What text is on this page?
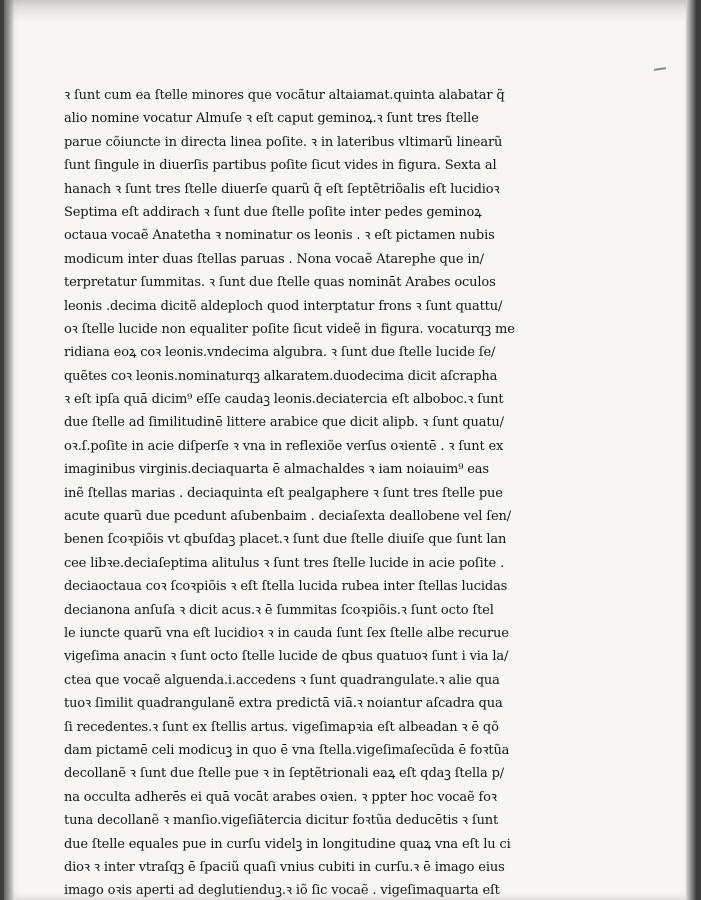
ꝛ ſunt cum ea ſtelle minores que vocãtur altaiamat.quinta alabatar q̃
alio nomine vocatur Almuſe ꝛ eſt caput geminoꝝ.ꝛ ſunt tres ſtelle
parue cõiuncte in directa linea poſite. ꝛ in lateribus vltimarũ linearũ
ſunt ſingule in diuerſis partibus poſite ſicut vides in figura. Sexta al
hanach ꝛ ſunt tres ſtelle diuerſe quarũ q̃ eſt ſeptẽtriõalis eſt lucidioꝛ
Septima eſt addirach ꝛ ſunt due ſtelle poſite inter pedes geminoꝝ
octaua vocaẽ Anatetha ꝛ nominatur os leonis . ꝛ eſt pictamen nubis
modicum inter duas ſtellas paruas . Nona vocaẽ Atarephe que in/
terpretatur ſummitas. ꝛ ſunt due ſtelle quas nomināt Arabes oculos
leonis .decima dicitẽ aldeploch quod interptatur frons ꝛ ſunt quattu/
oꝛ ſtelle lucide non equaliter poſite ſicut videẽ in figura. vocaturqꝫ me
ridiana eoꝝ coꝛ leonis.vndecima algubra. ꝛ ſunt due ſtelle lucide ſe/
quẽtes coꝛ leonis.nominaturqꝫ alkaratem.duodecima dicit aſcrapha
ꝛ eſt ipſa quā dicim⁹ eſſe caudaꝫ leonis.deciatercia eſt alboboc.ꝛ ſunt
due ſtelle ad ſimilitudinē littere arabice que dicit alipb. ꝛ ſunt quatu/
oꝛ.ſ.poſite in acie diſperſe ꝛ vna in reflexiõe verſus oꝛientē . ꝛ ſunt ex
imaginibus virginis.deciaquarta ē almachaldes ꝛ iam noiauim⁹ eas
inẽ ſtellas marias . deciaquinta eſt pealgaphere ꝛ ſunt tres ſtelle pue
acute quarũ due pcedunt aſubenbaim . deciaſexta deallobene vel ſen/
benen ſcoꝛpiõis vt qbuſdaꝫ placet.ꝛ ſunt due ſtelle diuiſe que ſunt lan
cee libꝛe.deciaſeptima alitulus ꝛ ſunt tres ſtelle lucide in acie poſite .
deciaoctaua coꝛ ſcoꝛpiõis ꝛ eſt ſtella lucida rubea inter ſtellas lucidas
decianona anſuſa ꝛ dicit acus.ꝛ ē ſummitas ſcoꝛpiõis.ꝛ ſunt octo ſtel
le iuncte quarũ vna eſt lucidioꝛ ꝛ in cauda ſunt ſex ſtelle albe recurue
vigeſima anacin ꝛ ſunt octo ſtelle lucide de qbus quatuoꝛ ſunt i via la/
ctea que vocaẽ alguenda.i.accedens ꝛ ſunt quadrangulate.ꝛ alie qua
tuoꝛ ſimilit quadrangulanẽ extra predictā viā.ꝛ noiantur aſcadra qua
ſi recedentes.ꝛ ſunt ex ſtellis artus. vigeſimapꝛia eſt albeadan ꝛ ē qõ
dam pictamē celi modicuꝫ in quo ē vna ſtella.vigeſimaſecũda ē foꝛtũa
decollanẽ ꝛ ſunt due ſtelle pue ꝛ in ſeptẽtrionali eaꝝ eſt qdaꝫ ſtella p/
na occulta adherēs ei quā vocāt arabes oꝛien. ꝛ ppter hoc vocaẽ foꝛ
tuna decollanẽ ꝛ manſio.vigeſiātercia dicitur foꝛtũa deducētis ꝛ ſunt
due ſtelle equales pue in curſu videlꝫ in longitudine quaꝝ vna eſt lu ci
dioꝛ ꝛ inter vtraſqꝫ ē ſpaciũ quaſi vnius cubiti in curſu.ꝛ ē imago eius
imago oꝛis aperti ad deglutienduꝫ.ꝛ iõ ſic vocaẽ . vigeſimaquarta eſt
